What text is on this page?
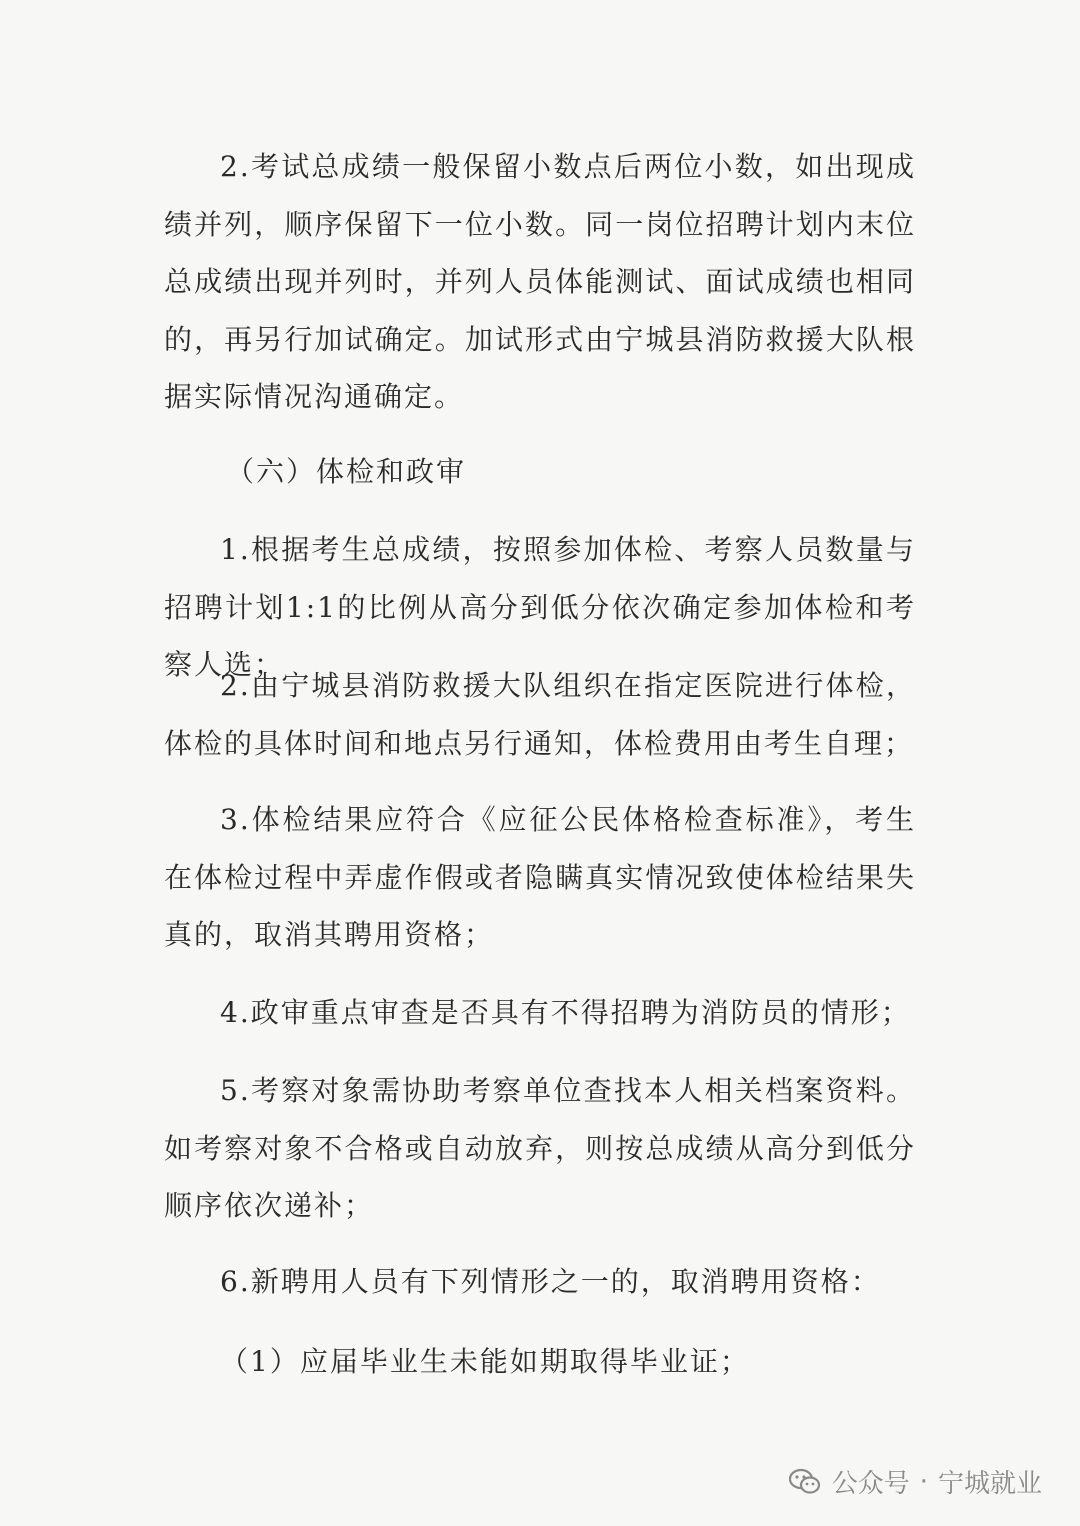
2.考试总成绩一般保留小数点后两位小数，如出现成绩并列，顺序保留下一位小数。同一岗位招聘计划内末位总成绩出现并列时，并列人员体能测试、面试成绩也相同的，再另行加试确定。加试形式由宁城县消防救援大队根据实际情况沟通确定。

（六）体检和政审

1.根据考生总成绩，按照参加体检、考察人员数量与招聘计划1:1的比例从高分到低分依次确定参加体检和考察人选；

2.由宁城县消防救援大队组织在指定医院进行体检，体检的具体时间和地点另行通知，体检费用由考生自理；

3.体检结果应符合《应征公民体格检查标准》，考生在体检过程中弄虚作假或者隐瞒真实情况致使体检结果失真的，取消其聘用资格；

4.政审重点审查是否具有不得招聘为消防员的情形；

5.考察对象需协助考察单位查找本人相关档案资料。如考察对象不合格或自动放弃，则按总成绩从高分到低分顺序依次递补；

6.新聘用人员有下列情形之一的，取消聘用资格：

（1）应届毕业生未能如期取得毕业证；

公众号 · 宁城就业
